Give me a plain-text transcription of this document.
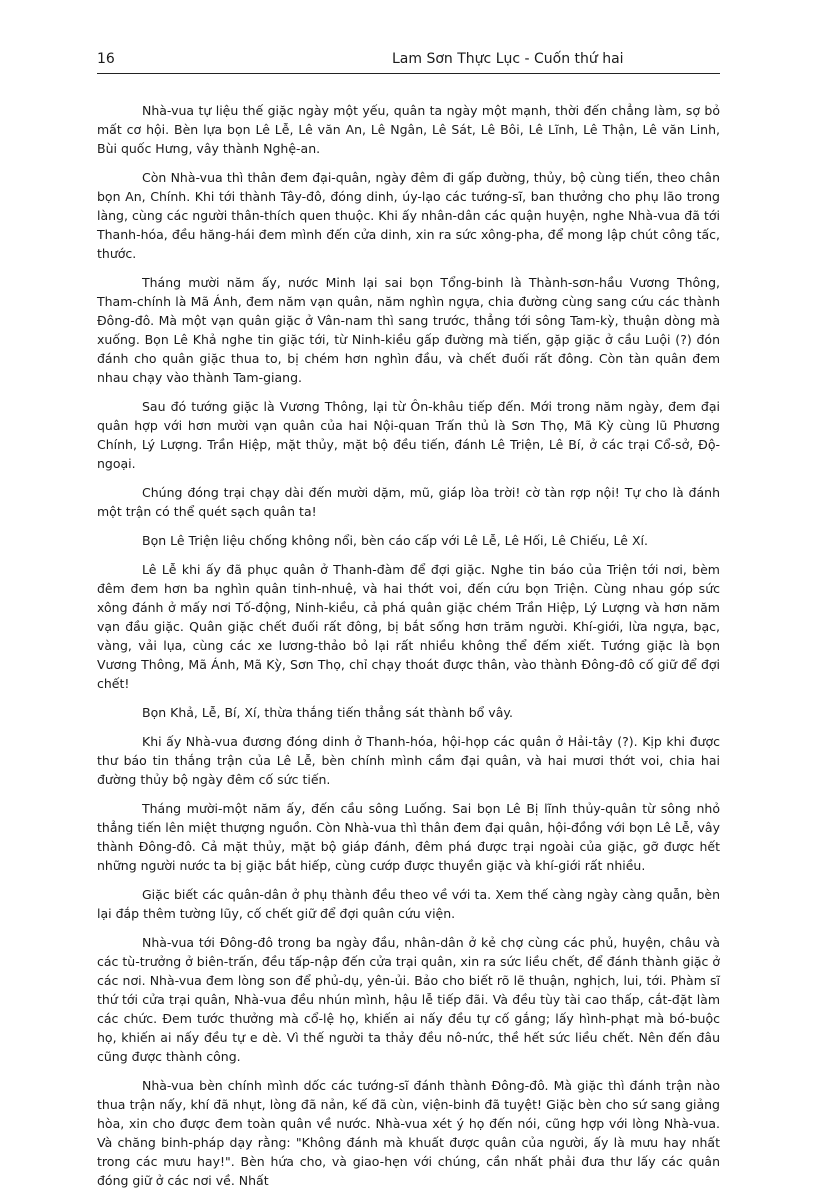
16	Lam Sơn Thực Lục - Cuốn thứ hai

Nhà-vua tự liệu thế giặc ngày một yếu, quân ta ngày một mạnh, thời đến chẳng làm, sợ bỏ mất cơ hội. Bèn lựa bọn Lê Lễ, Lê văn An, Lê Ngân, Lê Sát, Lê Bôi, Lê Lĩnh, Lê Thận, Lê văn Linh, Bùi quốc Hưng, vây thành Nghệ-an.

Còn Nhà-vua thì thân đem đại-quân, ngày đêm đi gấp đường, thủy, bộ cùng tiến, theo chân bọn An, Chính. Khi tới thành Tây-đô, đóng dinh, úy-lạo các tướng-sĩ, ban thưởng cho phụ lão trong làng, cùng các người thân-thích quen thuộc. Khi ấy nhân-dân các quận huyện, nghe Nhà-vua đã tới Thanh-hóa, đều hăng-hái đem mình đến cửa dinh, xin ra sức xông-pha, để mong lập chút công tấc, thước.

Tháng mười năm ấy, nước Minh lại sai bọn Tổng-binh là Thành-sơn-hầu Vương Thông, Tham-chính là Mã Ánh, đem năm vạn quân, năm nghìn ngựa, chia đường cùng sang cứu các thành Đông-đô. Mà một vạn quân giặc ở Vân-nam thì sang trước, thẳng tới sông Tam-kỳ, thuận dòng mà xuống. Bọn Lê Khả nghe tin giặc tới, từ Ninh-kiều gấp đường mà tiến, gặp giặc ở cầu Luội (?) đón đánh cho quân giặc thua to, bị chém hơn nghìn đầu, và chết đuối rất đông. Còn tàn quân đem nhau chạy vào thành Tam-giang.

Sau đó tướng giặc là Vương Thông, lại từ Ôn-khâu tiếp đến. Mới trong năm ngày, đem đại quân hợp với hơn mười vạn quân của hai Nội-quan Trấn thủ là Sơn Thọ, Mã Kỳ cùng lũ Phương Chính, Lý Lượng. Trần Hiệp, mặt thủy, mặt bộ đều tiến, đánh Lê Triện, Lê Bí, ở các trại Cổ-sở, Độ-ngoại.

Chúng đóng trại chạy dài đến mười dặm, mũ, giáp lòa trời! cờ tàn rợp nội! Tự cho là đánh một trận có thể quét sạch quân ta!

Bọn Lê Triện liệu chống không nổi, bèn cáo cấp với Lê Lễ, Lê Hối, Lê Chiếu, Lê Xí.

Lê Lễ khi ấy đã phục quân ở Thanh-đàm để đợi giặc. Nghe tin báo của Triện tới nơi, bèm đêm đem hơn ba nghìn quân tinh-nhuệ, và hai thớt voi, đến cứu bọn Triện. Cùng nhau góp sức xông đánh ở mấy nơi Tố-động, Ninh-kiều, cả phá quân giặc chém Trần Hiệp, Lý Lượng và hơn năm vạn đầu giặc. Quân giặc chết đuối rất đông, bị bắt sống hơn trăm người. Khí-giới, lừa ngựa, bạc, vàng, vải lụa, cùng các xe lương-thảo bỏ lại rất nhiều không thể đếm xiết. Tướng giặc là bọn Vương Thông, Mã Ánh, Mã Kỳ, Sơn Thọ, chỉ chạy thoát được thân, vào thành Đông-đô cố giữ để đợi chết!

Bọn Khả, Lễ, Bí, Xí, thừa thắng tiến thẳng sát thành bổ vây.

Khi ấy Nhà-vua đương đóng dinh ở Thanh-hóa, hội-họp các quân ở Hải-tây (?). Kịp khi được thư báo tin thắng trận của Lê Lễ, bèn chính mình cầm đại quân, và hai mươi thớt voi, chia hai đường thủy bộ ngày đêm cố sức tiến.

Tháng mười-một năm ấy, đến cầu sông Luống. Sai bọn Lê Bị lĩnh thủy-quân từ sông nhỏ thẳng tiến lên miệt thượng nguồn. Còn Nhà-vua thì thân đem đại quân, hội-đồng với bọn Lê Lễ, vây thành Đông-đô. Cả mặt thủy, mặt bộ giáp đánh, đêm phá được trại ngoài của giặc, gỡ được hết những người nước ta bị giặc bắt hiếp, cùng cướp được thuyền giặc và khí-giới rất nhiều.

Giặc biết các quân-dân ở phụ thành đều theo về với ta. Xem thế càng ngày càng quẫn, bèn lại đắp thêm tường lũy, cố chết giữ để đợi quân cứu viện.

Nhà-vua tới Đông-đô trong ba ngày đầu, nhân-dân ở kẻ chợ cùng các phủ, huyện, châu và các tù-trưởng ở biên-trấn, đều tấp-nập đến cửa trại quân, xin ra sức liều chết, để đánh thành giặc ở các nơi. Nhà-vua đem lòng son để phủ-dụ, yên-ủi. Bảo cho biết rõ lẽ thuận, nghịch, lui, tới. Phàm sĩ thứ tới cửa trại quân, Nhà-vua đều nhún mình, hậu lễ tiếp đãi. Và đều tùy tài cao thấp, cắt-đặt làm các chức. Đem tước thưởng mà cổ-lệ họ, khiến ai nấy đều tự cố gắng; lấy hình-phạt mà bó-buộc họ, khiến ai nấy đều tự e dè. Vì thế người ta thảy đều nô-nức, thề hết sức liều chết. Nên đến đâu cũng được thành công.

Nhà-vua bèn chính mình dốc các tướng-sĩ đánh thành Đông-đô. Mà giặc thì đánh trận nào thua trận nấy, khí đã nhụt, lòng đã nản, kế đã cùn, viện-binh đã tuyệt! Giặc bèn cho sứ sang giảng hòa, xin cho được đem toàn quân về nước. Nhà-vua xét ý họ đến nói, cũng hợp với lòng Nhà-vua. Và chăng binh-pháp dạy rằng: "Không đánh mà khuất được quân của người, ấy là mưu hay nhất trong các mưu hay!". Bèn hứa cho, và giao-hẹn với chúng, cần nhất phải đưa thư lấy các quân đóng giữ ở các nơi về. Nhất
